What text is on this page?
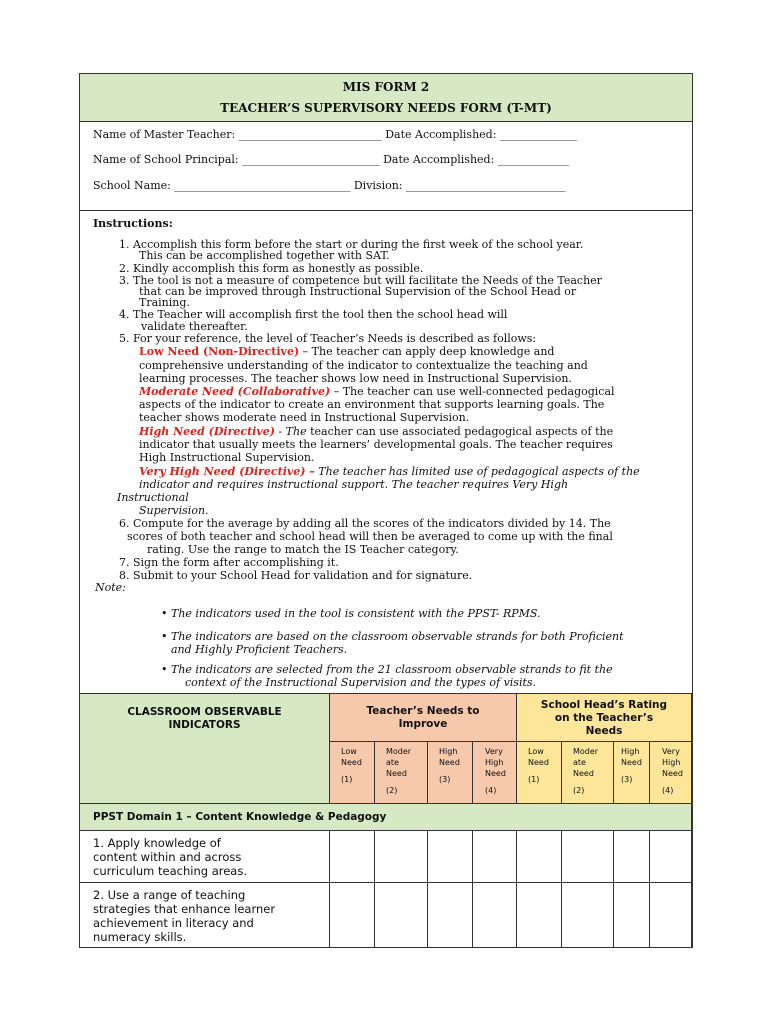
MIS FORM 2
TEACHER’S SUPERVISORY NEEDS FORM (T-MT)
Name of Master Teacher: __________________________ Date Accomplished: ______________
Name of School Principal: _________________________ Date Accomplished: _____________
School Name: ________________________________ Division: _____________________________
Instructions:
1. Accomplish this form before the start or during the first week of the school year.
This can be accomplished together with SAT.
2. Kindly accomplish this form as honestly as possible.
3. The tool is not a measure of competence but will facilitate the Needs of the Teacher
that can be improved through Instructional Supervision of the School Head or
Training.
4. The Teacher will accomplish first the tool then the school head will
validate thereafter.
5. For your reference, the level of Teacher’s Needs is described as follows:
Low Need (Non-Directive) – The teacher can apply deep knowledge and
comprehensive understanding of the indicator to contextualize the teaching and
learning processes. The teacher shows low need in Instructional Supervision.
Moderate Need (Collaborative) – The teacher can use well-connected pedagogical
aspects of the indicator to create an environment that supports learning goals. The
teacher shows moderate need in Instructional Supervision.
High Need (Directive) - The teacher can use associated pedagogical aspects of the
indicator that usually meets the learners’ developmental goals. The teacher requires
High Instructional Supervision.
Very High Need (Directive) – The teacher has limited use of pedagogical aspects of the
indicator and requires instructional support. The teacher requires Very High
Instructional
Supervision.
6. Compute for the average by adding all the scores of the indicators divided by 14. The
scores of both teacher and school head will then be averaged to come up with the final
rating. Use the range to match the IS Teacher category.
7. Sign the form after accomplishing it.
8. Submit to your School Head for validation and for signature.
Note:
• The indicators used in the tool is consistent with the PPST- RPMS.
• The indicators are based on the classroom observable strands for both Proficient
and Highly Proficient Teachers.
• The indicators are selected from the 21 classroom observable strands to fit the
context of the Instructional Supervision and the types of visits.
CLASSROOM OBSERVABLE
INDICATORS
Teacher’s Needs to
Improve
School Head’s Rating
on the Teacher’s
Needs
Low
Need
(1)
Moder
ate
Need
(2)
High
Need
(3)
Very
High
Need
(4)
Low
Need
(1)
Moder
ate
Need
(2)
High
Need
(3)
Very
High
Need
(4)
PPST Domain 1 – Content Knowledge & Pedagogy
1. Apply knowledge of
content within and across
curriculum teaching areas.
2. Use a range of teaching
strategies that enhance learner
achievement in literacy and
numeracy skills.
